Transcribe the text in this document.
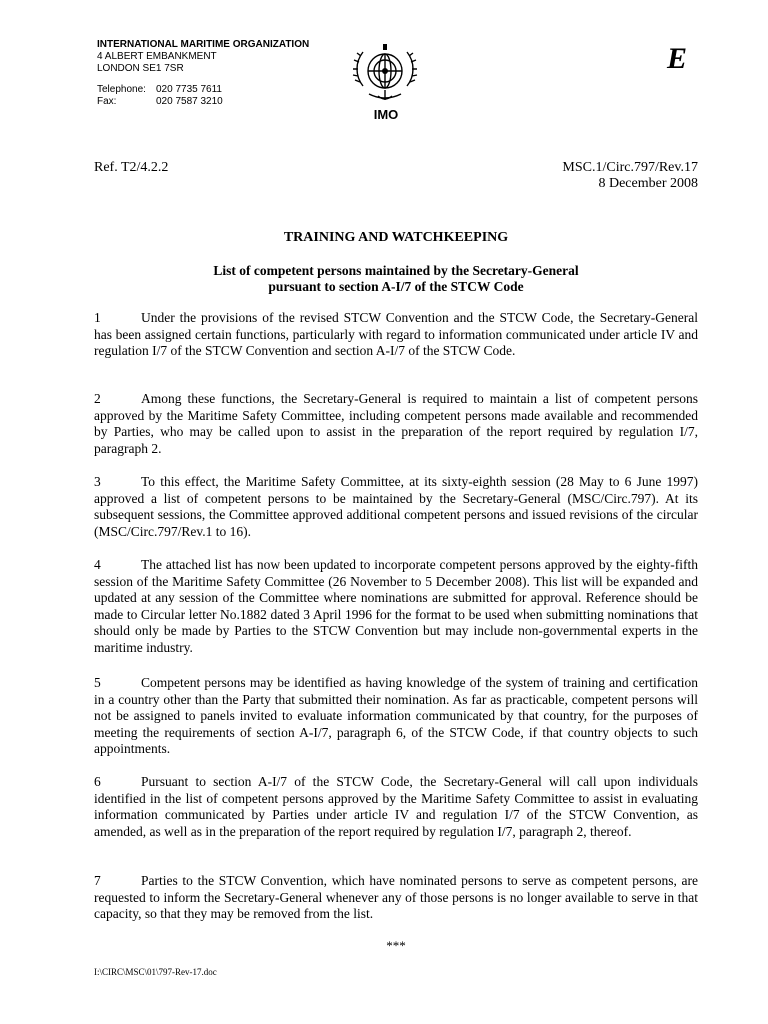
INTERNATIONAL MARITIME ORGANIZATION
4 ALBERT EMBANKMENT
LONDON SE1 7SR
Telephone:	020 7735 7611
Fax:	020 7587 3210
IMO
E
Ref. T2/4.2.2	MSC.1/Circ.797/Rev.17
8 December 2008
TRAINING AND WATCHKEEPING
List of competent persons maintained by the Secretary-General
pursuant to section A-I/7 of the STCW Code
1	Under the provisions of the revised STCW Convention and the STCW Code, the Secretary-General has been assigned certain functions, particularly with regard to information communicated under article IV and regulation I/7 of the STCW Convention and section A-I/7 of the STCW Code.
2	Among these functions, the Secretary-General is required to maintain a list of competent persons approved by the Maritime Safety Committee, including competent persons made available and recommended by Parties, who may be called upon to assist in the preparation of the report required by regulation I/7, paragraph 2.
3	To this effect, the Maritime Safety Committee, at its sixty-eighth session (28 May to 6 June 1997) approved a list of competent persons to be maintained by the Secretary-General (MSC/Circ.797). At its subsequent sessions, the Committee approved additional competent persons and issued revisions of the circular (MSC/Circ.797/Rev.1 to 16).
4	The attached list has now been updated to incorporate competent persons approved by the eighty-fifth session of the Maritime Safety Committee (26 November to 5 December 2008). This list will be expanded and updated at any session of the Committee where nominations are submitted for approval. Reference should be made to Circular letter No.1882 dated 3 April 1996 for the format to be used when submitting nominations that should only be made by Parties to the STCW Convention but may include non-governmental experts in the maritime industry.
5	Competent persons may be identified as having knowledge of the system of training and certification in a country other than the Party that submitted their nomination. As far as practicable, competent persons will not be assigned to panels invited to evaluate information communicated by that country, for the purposes of meeting the requirements of section A-I/7, paragraph 6, of the STCW Code, if that country objects to such appointments.
6	Pursuant to section A-I/7 of the STCW Code, the Secretary-General will call upon individuals identified in the list of competent persons approved by the Maritime Safety Committee to assist in evaluating information communicated by Parties under article IV and regulation I/7 of the STCW Convention, as amended, as well as in the preparation of the report required by regulation I/7, paragraph 2, thereof.
7	Parties to the STCW Convention, which have nominated persons to serve as competent persons, are requested to inform the Secretary-General whenever any of those persons is no longer available to serve in that capacity, so that they may be removed from the list.
***
I:\CIRC\MSC\01\797-Rev-17.doc
